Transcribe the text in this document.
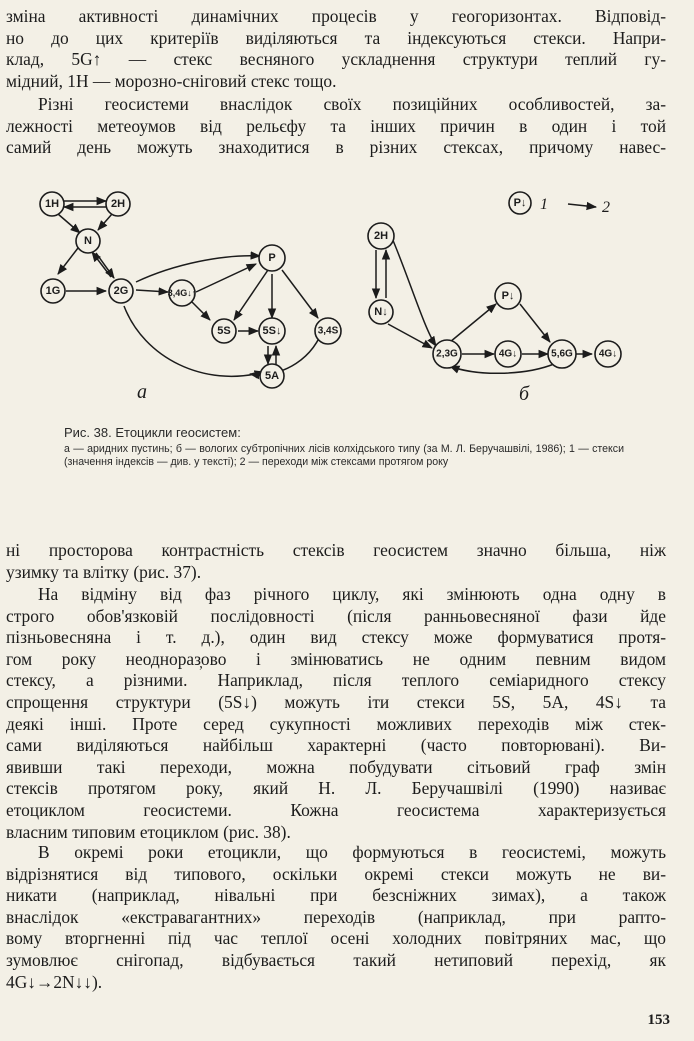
зміна активності динамічних процесів у геогоризонтах. Відповід-
но до цих критеріїв виділяються та індексуються стекси. Напри-
клад, 5G↑ — стекс весняного ускладнення структури теплий гу-
мідний, 1H — морозно-сніговий стекс тощо.
Різні геосистеми внаслідок своїх позиційних особливостей, за-
лежності метеоумов від рельєфу та інших причин в один і той
самий день можуть знаходитися в різних стексах, причому навес-
1H	2H
N
1G	2G	3,4G↓↑
P
5S	5S↓	3,4S
5A
а
2H
N↓
P↓
2,3G	4G↓	5,6G	4G↓
б
P↓ 1	2

Рис. 38. Етоцикли геосистем:

а — аридних пустинь; б — вологих субтропічних лісів колхідського типу (за М. Л. Беручашвілі, 1986); 1 — стекси (значення індексів — див. у тексті); 2 — переходи між стексами протягом року

ні просторова контрастність стексів геосистем значно більша, ніж
узимку та влітку (рис. 37).
На відміну від фаз річного циклу, які змінюють одна одну в
строго обов'язковій послідовності (після ранньовесняної фази йде
пізньовесняна і т. д.), один вид стексу може формуватися протя-
гом року неоднораз̦ово і змінюватись не одним певним видом
стексу, а різними. Наприклад, після теплого семіаридного стексу
спрощення структури (5S↓) можуть іти стекси 5S, 5A, 4S↓ та
деякі інші. Проте серед сукупності можливих переходів між стек-
сами виділяються найбільш характерні (часто повторювані). Ви-
явивши такі переходи, можна побудувати сітьовий граф змін
стексів протягом року, який Н. Л. Беручашвілі (1990) називає
етоциклом геосистеми. Кожна геосистема характеризується
власним типовим етоциклом (рис. 38).
В окремі роки етоцикли, що формуються в геосистемі, можуть
відрізнятися від типового, оскільки окремі стекси можуть не ви-
никати (наприклад, нівальні при безсніжних зимах), а також
внаслідок «екстравагантних» переходів (наприклад, при рапто-
вому вторгненні під час теплої осені холодних повітряних мас, що
зумовлює снігопад, відбувається такий нетиповий перехід, як
4G↓→2N↓↓).
153
